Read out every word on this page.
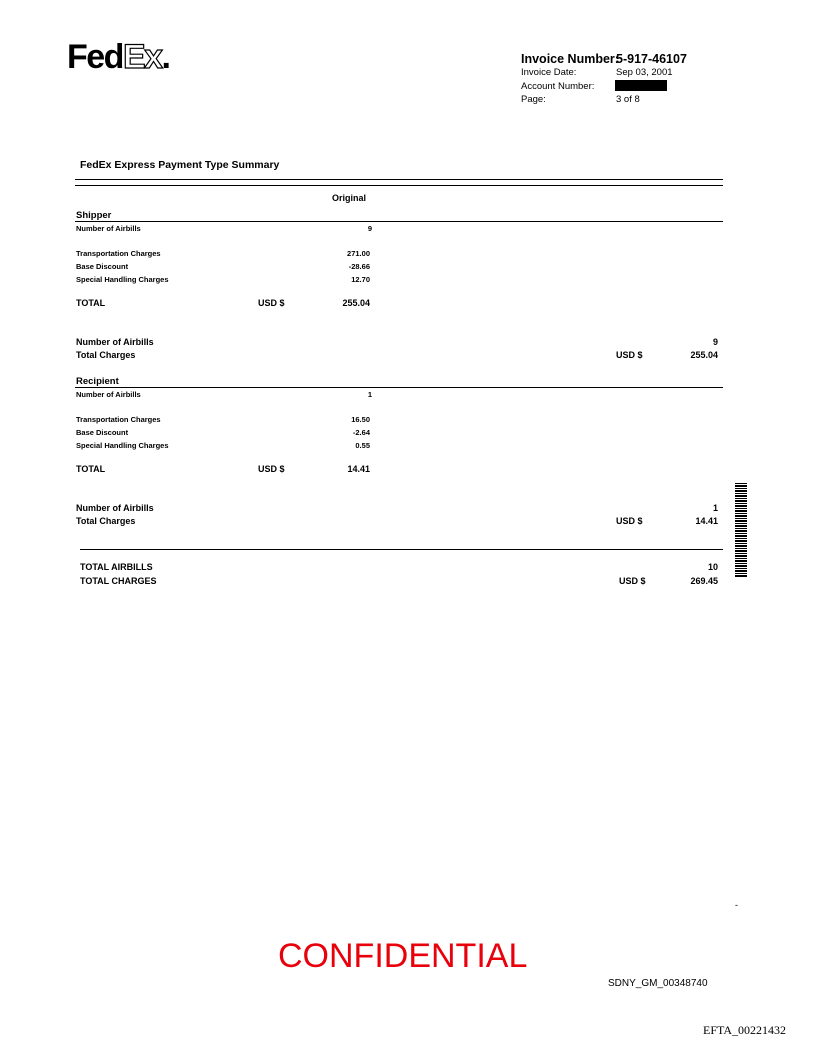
FedEx.	Invoice Number:
5-917-46107
Invoice Date:	Sep 03, 2001
Account Number:
Page:	3 of 8
FedEx Express Payment Type Summary
Original
Shipper
Number of Airbills	9
Transportation Charges	271.00
Base Discount	-28.66
Special Handling Charges	12.70
TOTAL	USD $	255.04
Number of Airbills	9
Total Charges	USD $	255.04
Recipient
Number of Airbills	1
Transportation Charges	16.50
Base Discount	-2.64
Special Handling Charges	0.55
TOTAL	USD $	14.41
Number of Airbills	1
Total Charges	USD $	14.41
TOTAL AIRBILLS	10
TOTAL CHARGES	USD $	269.45
-
CONFIDENTIAL
SDNY_GM_00348740
EFTA_00221432
